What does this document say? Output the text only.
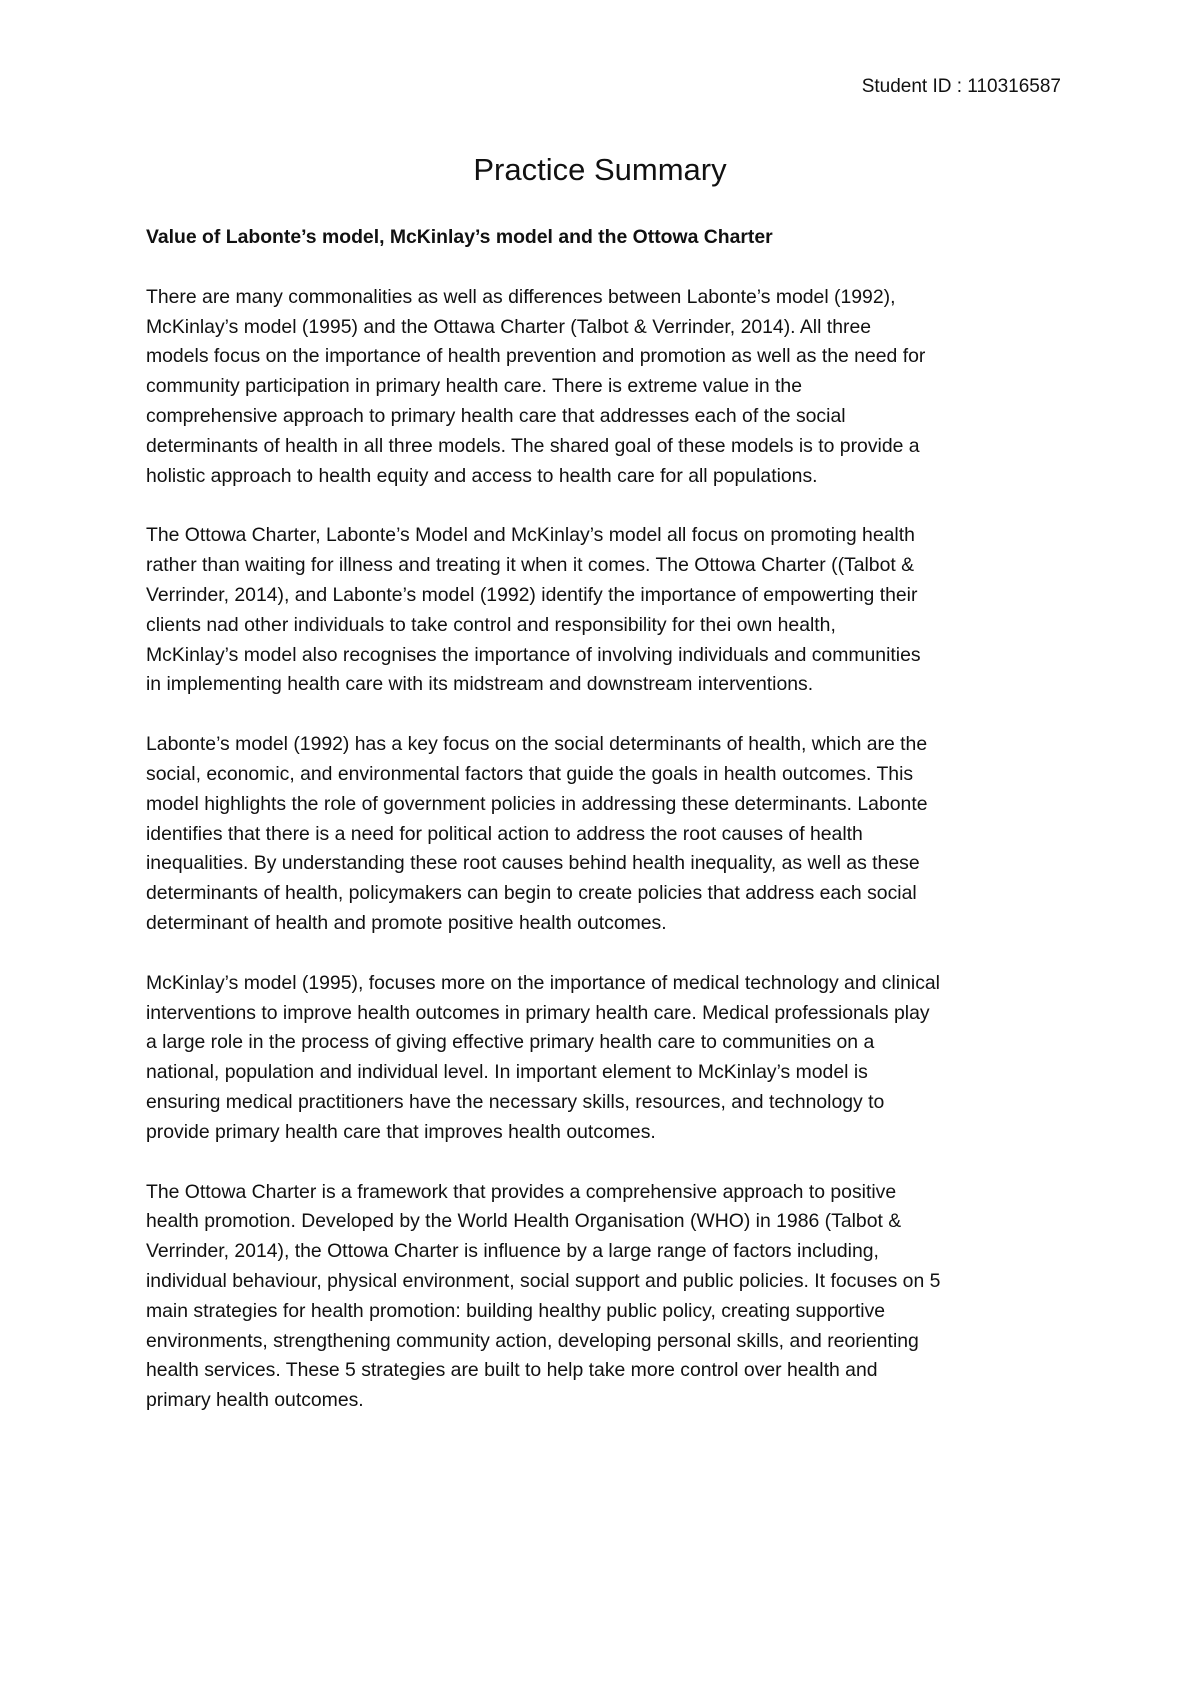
Student ID : 110316587
Practice Summary
Value of Labonte’s model, McKinlay’s model and the Ottowa Charter
There are many commonalities as well as differences between Labonte’s model (1992),
McKinlay’s model (1995) and the Ottawa Charter (Talbot & Verrinder, 2014). All three
models focus on the importance of health prevention and promotion as well as the need for
community participation in primary health care. There is extreme value in the
comprehensive approach to primary health care that addresses each of the social
determinants of health in all three models. The shared goal of these models is to provide a
holistic approach to health equity and access to health care for all populations.
The Ottowa Charter, Labonte’s Model and McKinlay’s model all focus on promoting health
rather than waiting for illness and treating it when it comes. The Ottowa Charter ((Talbot &
Verrinder, 2014), and Labonte’s model (1992) identify the importance of empowerting their
clients nad other individuals to take control and responsibility for thei own health,
McKinlay’s model also recognises the importance of involving individuals and communities
in implementing health care with its midstream and downstream interventions.
Labonte’s model (1992) has a key focus on the social determinants of health, which are the
social, economic, and environmental factors that guide the goals in health outcomes. This
model highlights the role of government policies in addressing these determinants. Labonte
identifies that there is a need for political action to address the root causes of health
inequalities. By understanding these root causes behind health inequality, as well as these
determinants of health, policymakers can begin to create policies that address each social
determinant of health and promote positive health outcomes.
McKinlay’s model (1995), focuses more on the importance of medical technology and clinical
interventions to improve health outcomes in primary health care. Medical professionals play
a large role in the process of giving effective primary health care to communities on a
national, population and individual level. In important element to McKinlay’s model is
ensuring medical practitioners have the necessary skills, resources, and technology to
provide primary health care that improves health outcomes.
The Ottowa Charter is a framework that provides a comprehensive approach to positive
health promotion. Developed by the World Health Organisation (WHO) in 1986 (Talbot &
Verrinder, 2014), the Ottowa Charter is influence by a large range of factors including,
individual behaviour, physical environment, social support and public policies. It focuses on 5
main strategies for health promotion: building healthy public policy, creating supportive
environments, strengthening community action, developing personal skills, and reorienting
health services. These 5 strategies are built to help take more control over health and
primary health outcomes.
